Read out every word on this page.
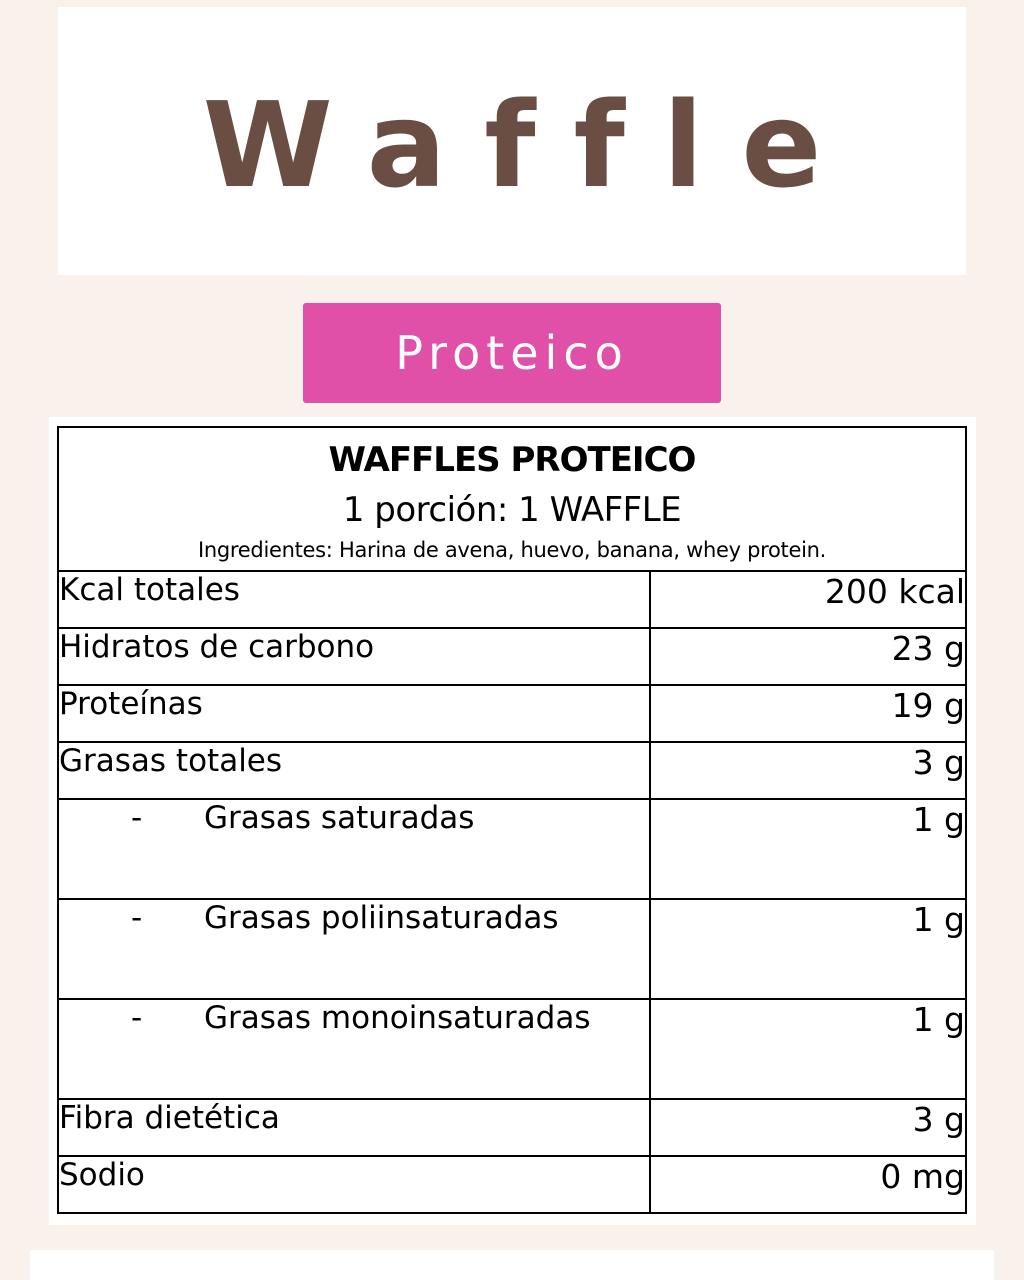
Waffle
Proteico
WAFFLES PROTEICO
1 porción: 1 WAFFLE
Ingredientes: Harina de avena, huevo, banana, whey protein.	

Kcal totales	200 kcal
Hidratos de carbono	23 g
Proteínas	19 g
Grasas totales	3 g
- Grasas saturadas	1 g
- Grasas poliinsaturadas	1 g
- Grasas monoinsaturadas	1 g
Fibra dietética	3 g
Sodio	0 mg
